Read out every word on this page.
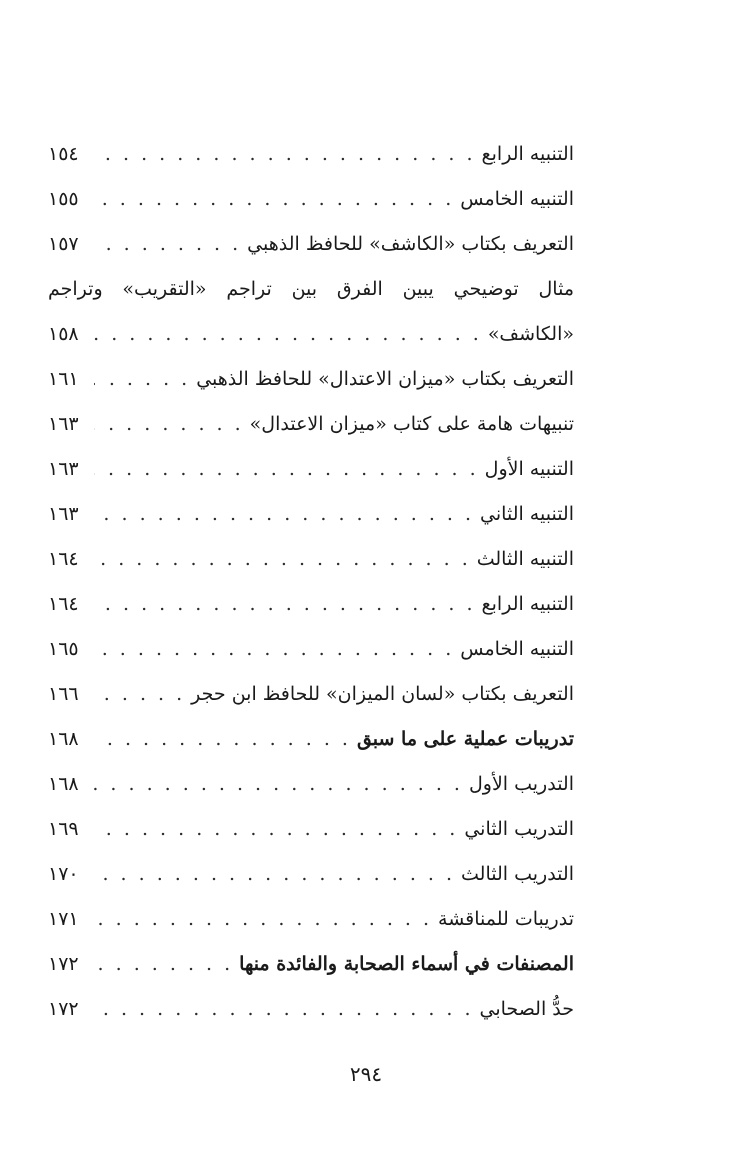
التنبيه الرابع
. . .
١٥٤
التنبيه الخامس
. . .
١٥٥
التعريف بكتاب «الكاشف» للحافظ الذهبي
. . .
١٥٧
مثال توضيحي يبين الفرق بين تراجم «التقريب» وتراجم
«الكاشف»
. . .
١٥٨
التعريف بكتاب «ميزان الاعتدال» للحافظ الذهبي
. . .
١٦١
تنبيهات هامة على كتاب «ميزان الاعتدال»
. . .
١٦٣
التنبيه الأول
. . .
١٦٣
التنبيه الثاني
. . .
١٦٣
التنبيه الثالث
. . .
١٦٤
التنبيه الرابع
. . .
١٦٤
التنبيه الخامس
. . .
١٦٥
التعريف بكتاب «لسان الميزان» للحافظ ابن حجر
. . .
١٦٦
تدريبات عملية على ما سبق
. . .
١٦٨
التدريب الأول
. . .
١٦٨
التدريب الثاني
. . .
١٦٩
التدريب الثالث
. . .
١٧٠
تدريبات للمناقشة
. . .
١٧١
المصنفات في أسماء الصحابة والفائدة منها
. . .
١٧٢
حدُّ الصحابي
. . .
١٧٢
٢٩٤
